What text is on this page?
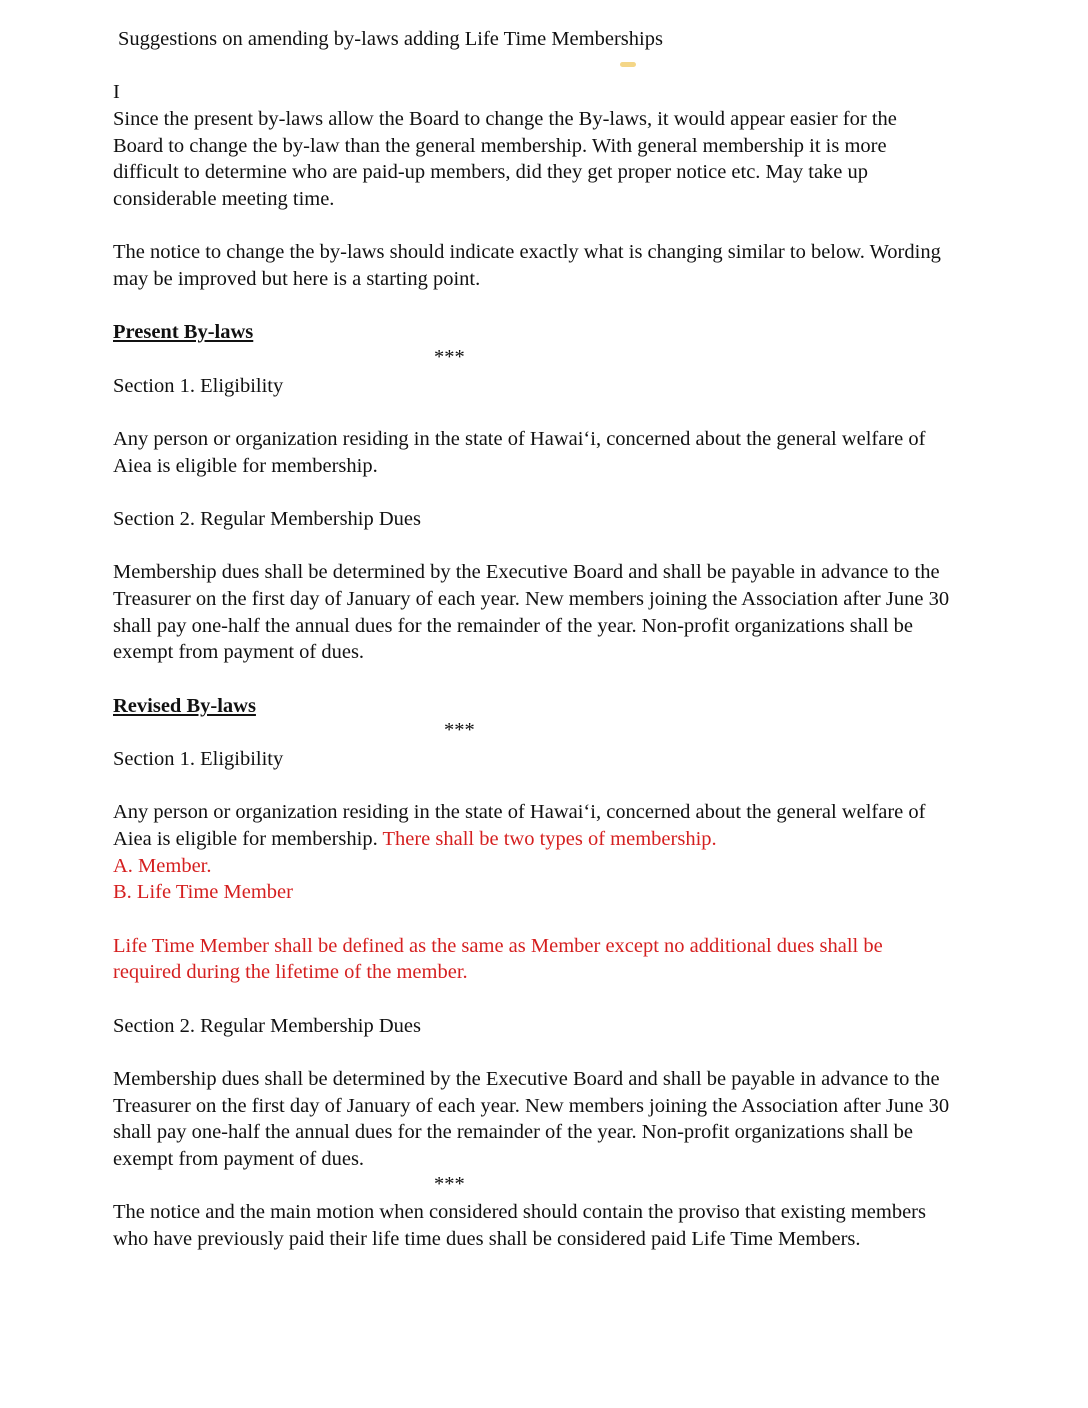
Suggestions on amending by-laws adding Life Time Memberships

I

Since the present by-laws allow the Board to change the By-laws, it would appear easier for the

Board to change the by-law than the general membership. With general membership it is more

difficult to determine who are paid-up members, did they get proper notice etc. May take up

considerable meeting time.

The notice to change the by-laws should indicate exactly what is changing similar to below. Wording

may be improved but here is a starting point.

Present By-laws

***

Section 1. Eligibility

Any person or organization residing in the state of Hawai‘i, concerned about the general welfare of

Aiea is eligible for membership.

Section 2. Regular Membership Dues

Membership dues shall be determined by the Executive Board and shall be payable in advance to the

Treasurer on the first day of January of each year. New members joining the Association after June 30

shall pay one-half the annual dues for the remainder of the year. Non-profit organizations shall be

exempt from payment of dues.

Revised By-laws

***

Section 1. Eligibility

Any person or organization residing in the state of Hawai‘i, concerned about the general welfare of

Aiea is eligible for membership. There shall be two types of membership.

A. Member.

B. Life Time Member

Life Time Member shall be defined as the same as Member except no additional dues shall be

required during the lifetime of the member.

Section 2. Regular Membership Dues

Membership dues shall be determined by the Executive Board and shall be payable in advance to the

Treasurer on the first day of January of each year. New members joining the Association after June 30

shall pay one-half the annual dues for the remainder of the year. Non-profit organizations shall be

exempt from payment of dues.

***

The notice and the main motion when considered should contain the proviso that existing members

who have previously paid their life time dues shall be considered paid Life Time Members.
